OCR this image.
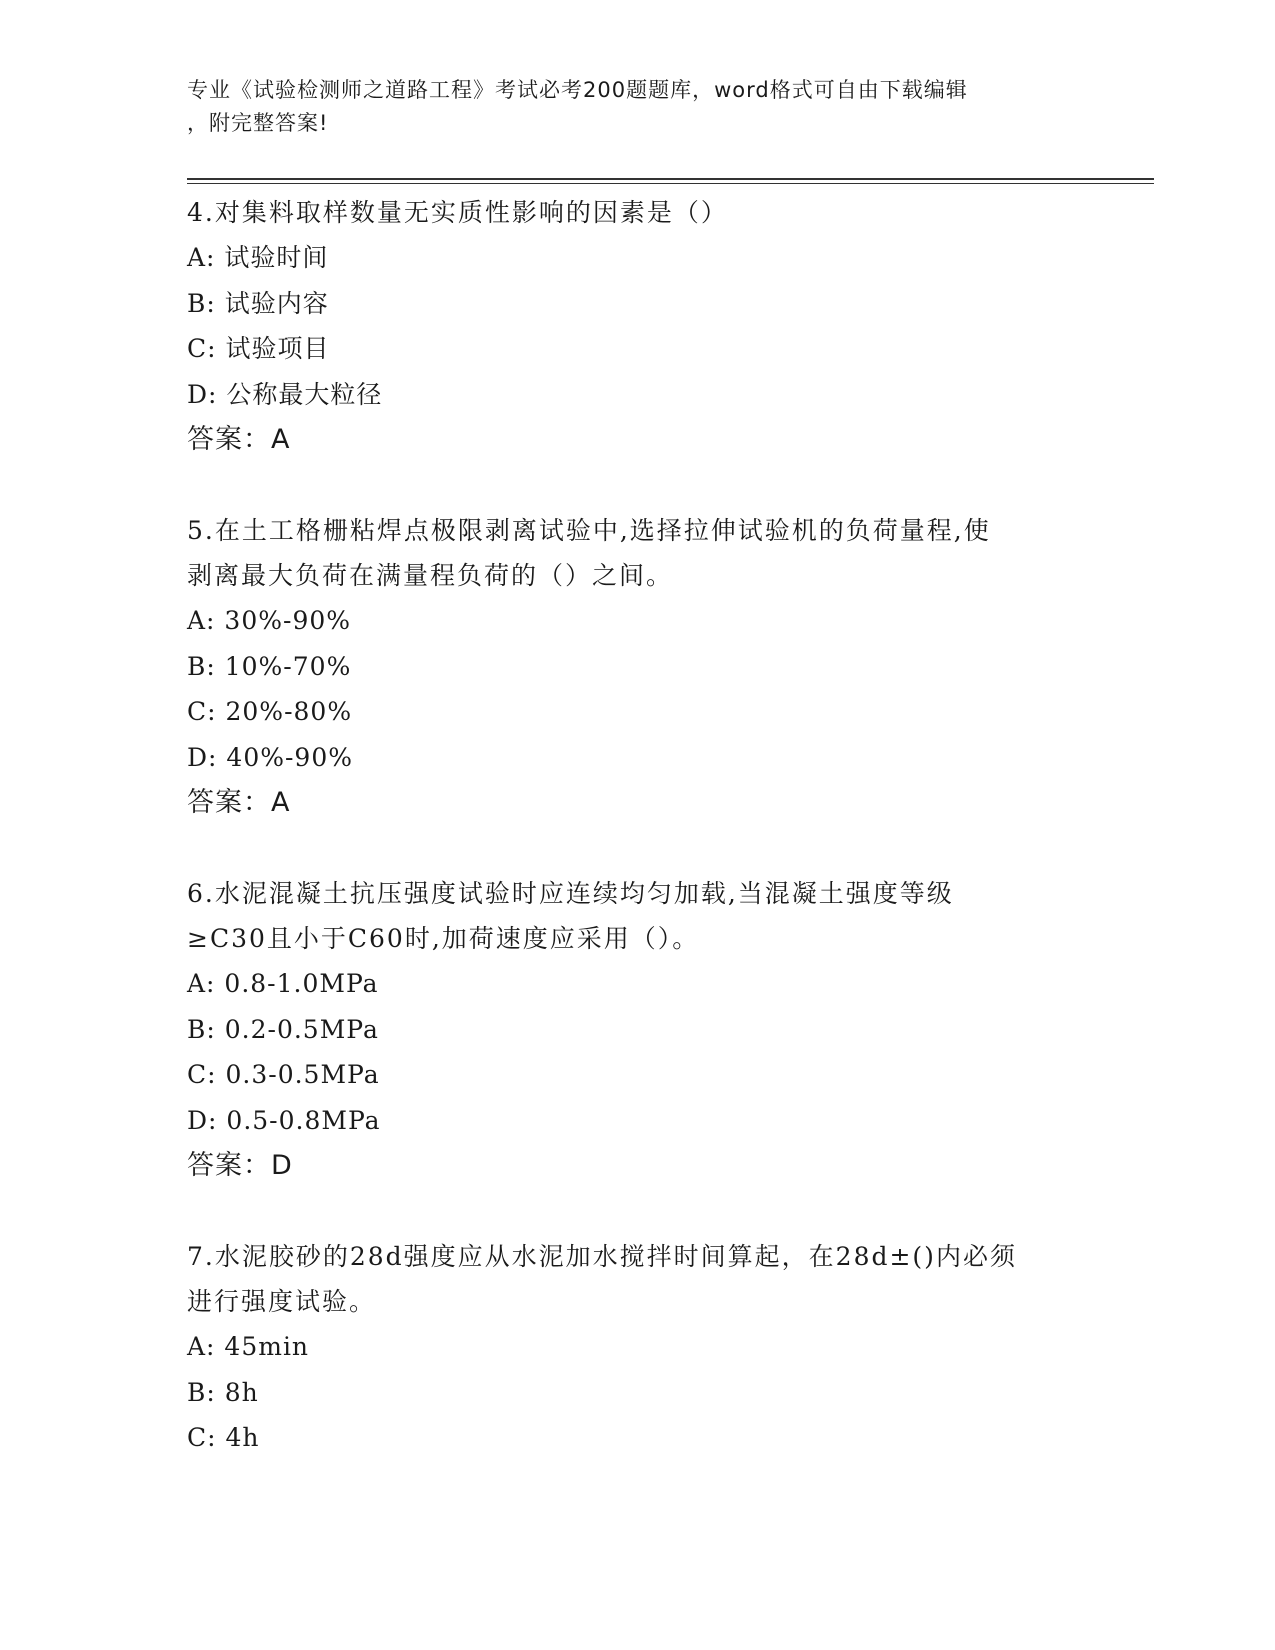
专业《试验检测师之道路工程》考试必考200题题库，word格式可自由下载编辑
，附完整答案!

4.对集料取样数量无实质性影响的因素是（）

A: 试验时间

B: 试验内容

C: 试验项目

D: 公称最大粒径

答案：A

5.在土工格栅粘焊点极限剥离试验中,选择拉伸试验机的负荷量程,使

剥离最大负荷在满量程负荷的（）之间。

A: 30%-90%

B: 10%-70%

C: 20%-80%

D: 40%-90%

答案：A

6.水泥混凝土抗压强度试验时应连续均匀加载,当混凝土强度等级

≥C30且小于C60时,加荷速度应采用（）。

A: 0.8-1.0MPa

B: 0.2-0.5MPa

C: 0.3-0.5MPa

D: 0.5-0.8MPa

答案：D

7.水泥胶砂的28d强度应从水泥加水搅拌时间算起，在28d±()内必须

进行强度试验。

A: 45min

B: 8h

C: 4h
